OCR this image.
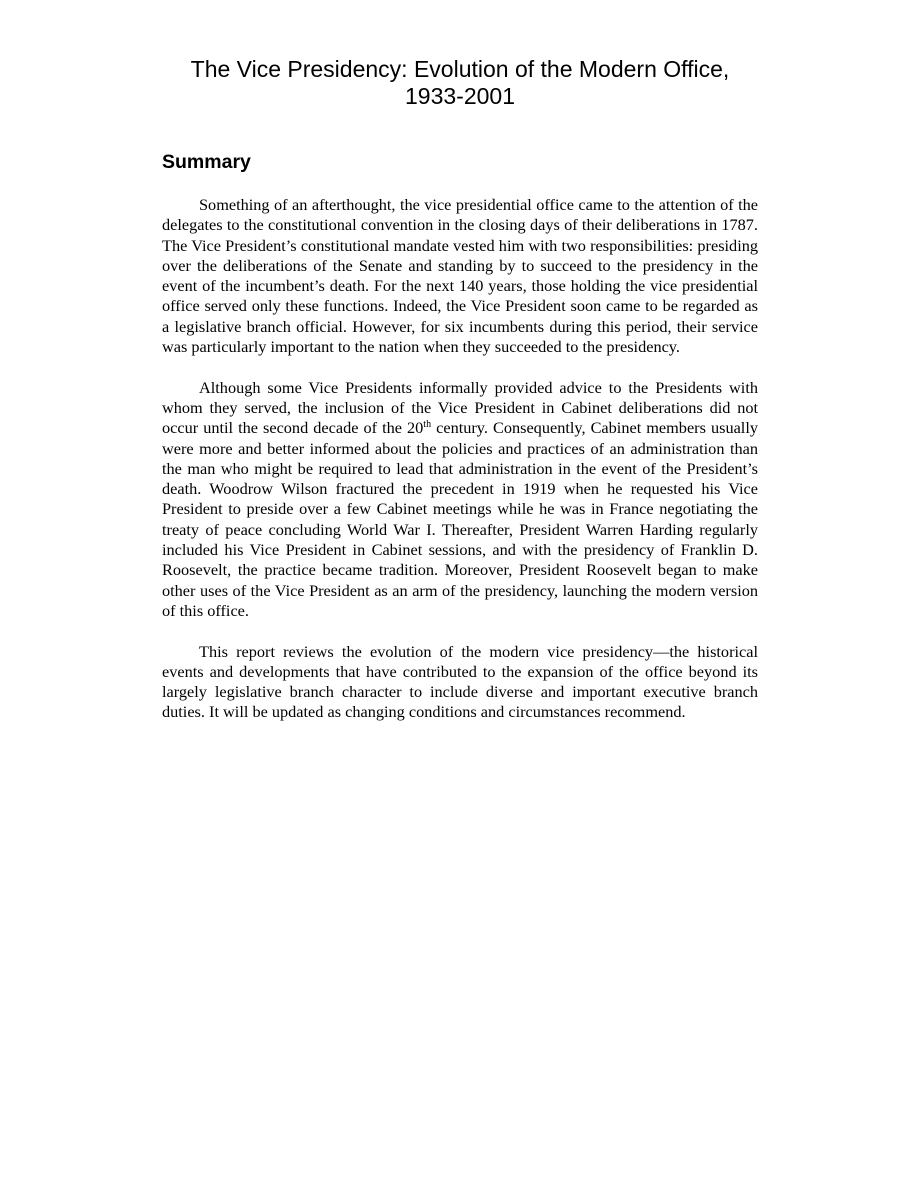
The Vice Presidency: Evolution of the Modern Office,
1933-2001
Summary

Something of an afterthought, the vice presidential office came to the attention of the delegates to the constitutional convention in the closing days of their deliberations in 1787. The Vice President’s constitutional mandate vested him with two responsibilities: presiding over the deliberations of the Senate and standing by to succeed to the presidency in the event of the incumbent’s death. For the next 140 years, those holding the vice presidential office served only these functions. Indeed, the Vice President soon came to be regarded as a legislative branch official. However, for six incumbents during this period, their service was particularly important to the nation when they succeeded to the presidency.

Although some Vice Presidents informally provided advice to the Presidents with whom they served, the inclusion of the Vice President in Cabinet deliberations did not occur until the second decade of the 20th century. Consequently, Cabinet members usually were more and better informed about the policies and practices of an administration than the man who might be required to lead that administration in the event of the President’s death. Woodrow Wilson fractured the precedent in 1919 when he requested his Vice President to preside over a few Cabinet meetings while he was in France negotiating the treaty of peace concluding World War I. Thereafter, President Warren Harding regularly included his Vice President in Cabinet sessions, and with the presidency of Franklin D. Roosevelt, the practice became tradition. Moreover, President Roosevelt began to make other uses of the Vice President as an arm of the presidency, launching the modern version of this office.

This report reviews the evolution of the modern vice presidency—the historical events and developments that have contributed to the expansion of the office beyond its largely legislative branch character to include diverse and important executive branch duties. It will be updated as changing conditions and circumstances recommend.
